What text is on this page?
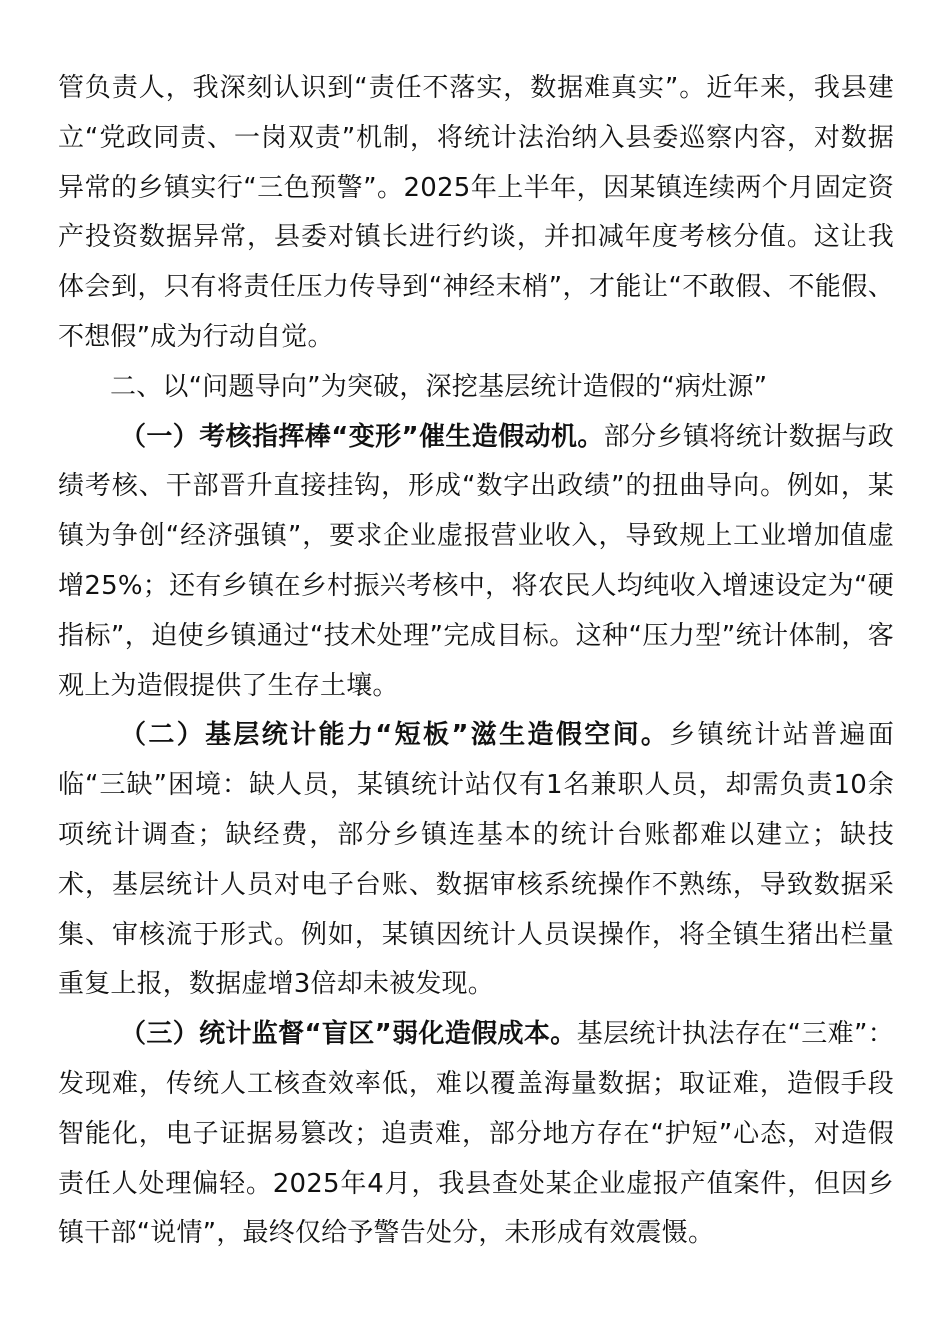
管负责人，我深刻认识到“责任不落实，数据难真实”。近年来，我县建立“党政同责、一岗双责”机制，将统计法治纳入县委巡察内容，对数据异常的乡镇实行“三色预警”。2025年上半年，因某镇连续两个月固定资产投资数据异常，县委对镇长进行约谈，并扣减年度考核分值。这让我体会到，只有将责任压力传导到“神经末梢”，才能让“不敢假、不能假、不想假”成为行动自觉。

二、以“问题导向”为突破，深挖基层统计造假的“病灶源”

（一）考核指挥棒“变形”催生造假动机。部分乡镇将统计数据与政绩考核、干部晋升直接挂钩，形成“数字出政绩”的扭曲导向。例如，某镇为争创“经济强镇”，要求企业虚报营业收入，导致规上工业增加值虚增25%；还有乡镇在乡村振兴考核中，将农民人均纯收入增速设定为“硬指标”，迫使乡镇通过“技术处理”完成目标。这种“压力型”统计体制，客观上为造假提供了生存土壤。

（二）基层统计能力“短板”滋生造假空间。乡镇统计站普遍面临“三缺”困境：缺人员，某镇统计站仅有1名兼职人员，却需负责10余项统计调查；缺经费，部分乡镇连基本的统计台账都难以建立；缺技术，基层统计人员对电子台账、数据审核系统操作不熟练，导致数据采集、审核流于形式。例如，某镇因统计人员误操作，将全镇生猪出栏量重复上报，数据虚增3倍却未被发现。

（三）统计监督“盲区”弱化造假成本。基层统计执法存在“三难”：发现难，传统人工核查效率低，难以覆盖海量数据；取证难，造假手段智能化，电子证据易篡改；追责难，部分地方存在“护短”心态，对造假责任人处理偏轻。2025年4月，我县查处某企业虚报产值案件，但因乡镇干部“说情”，最终仅给予警告处分，未形成有效震慑。
